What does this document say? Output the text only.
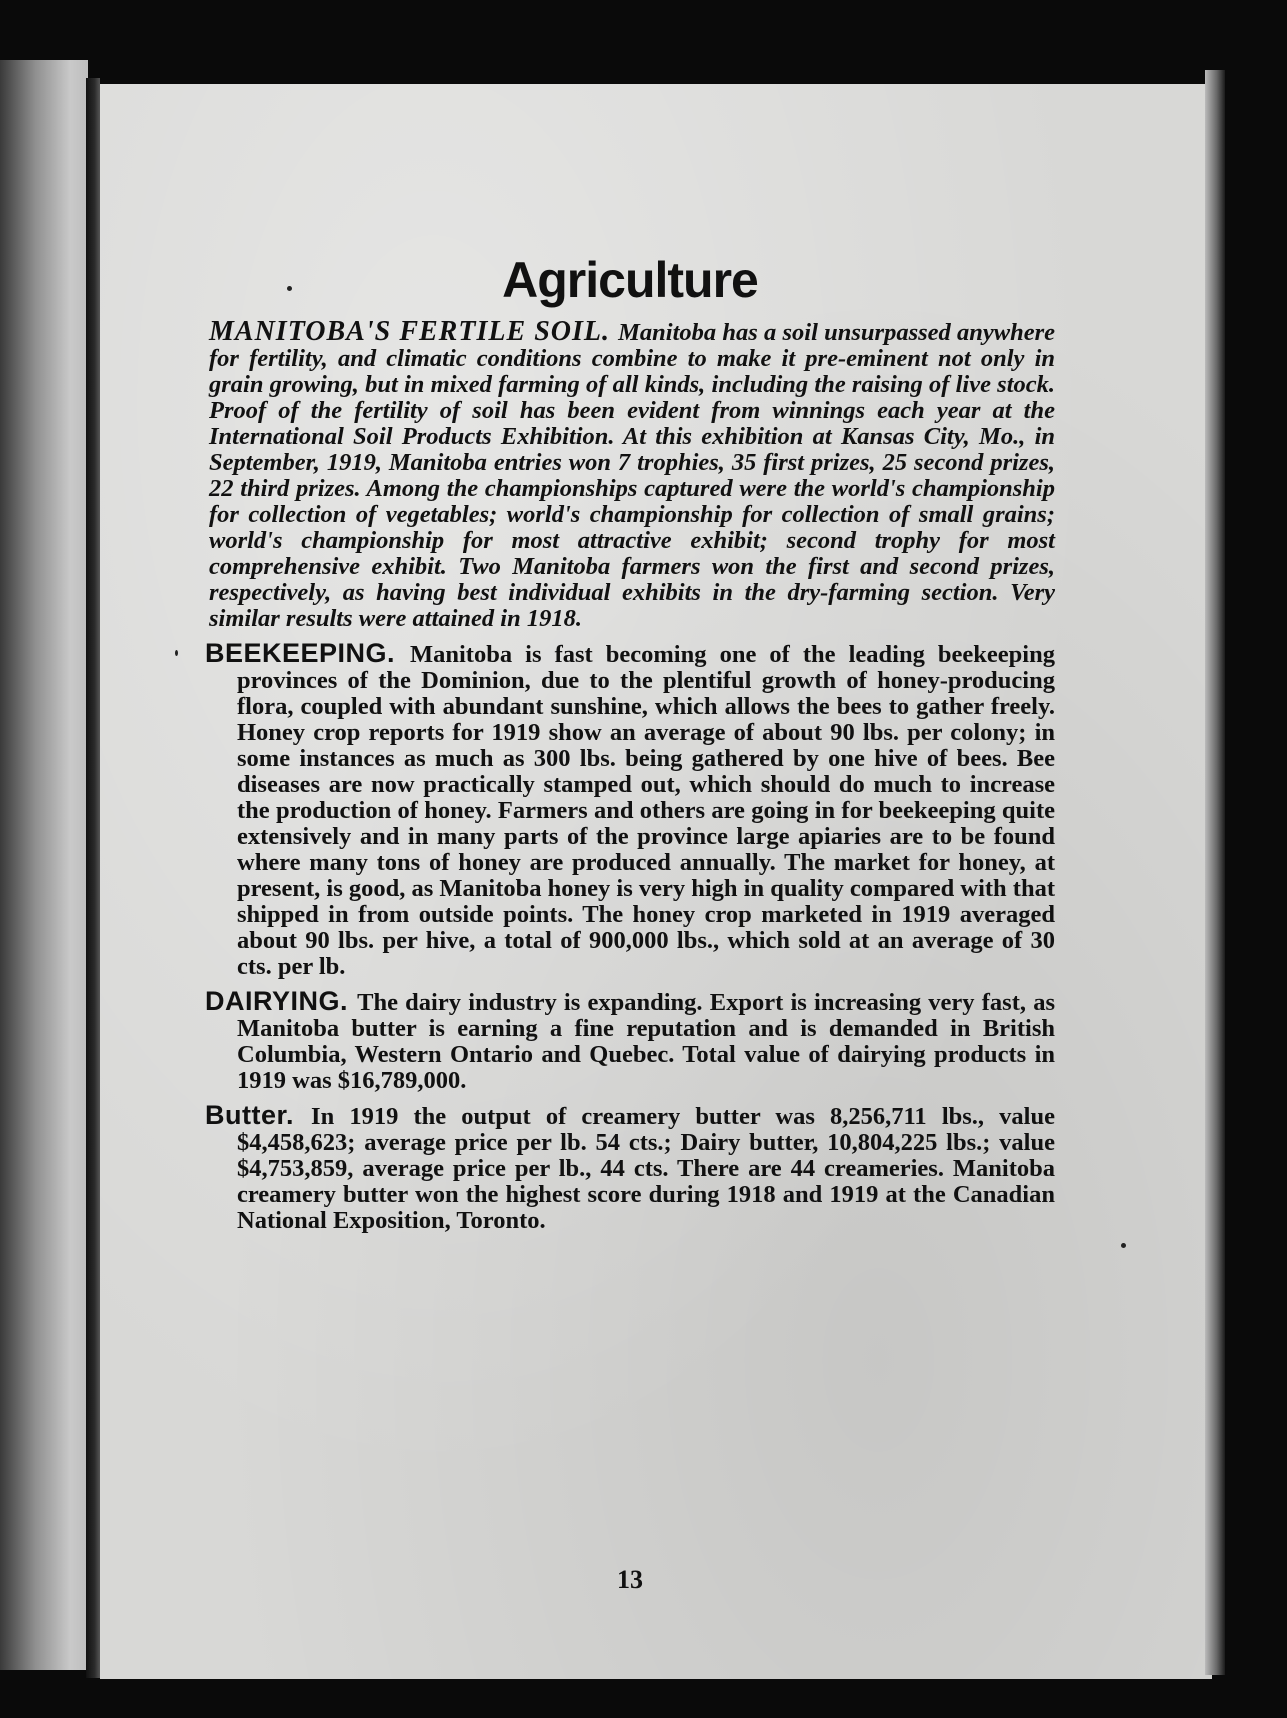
Agriculture

MANITOBA'S FERTILE SOIL. Manitoba has a soil unsurpassed anywhere for fertility, and climatic conditions combine to make it pre-eminent not only in grain growing, but in mixed farming of all kinds, including the raising of live stock. Proof of the fertility of soil has been evident from winnings each year at the International Soil Products Exhibition. At this exhibition at Kansas City, Mo., in September, 1919, Manitoba entries won 7 trophies, 35 first prizes, 25 second prizes, 22 third prizes. Among the championships captured were the world's championship for collection of vegetables; world's championship for collection of small grains; world's championship for most attractive exhibit; second trophy for most comprehensive exhibit. Two Manitoba farmers won the first and second prizes, respectively, as having best individual exhibits in the dry-farming section. Very similar results were attained in 1918.

BEEKEEPING. Manitoba is fast becoming one of the leading beekeeping provinces of the Dominion, due to the plentiful growth of honey-producing flora, coupled with abundant sunshine, which allows the bees to gather freely. Honey crop reports for 1919 show an average of about 90 lbs. per colony; in some instances as much as 300 lbs. being gathered by one hive of bees. Bee diseases are now practically stamped out, which should do much to increase the production of honey. Farmers and others are going in for beekeeping quite extensively and in many parts of the province large apiaries are to be found where many tons of honey are produced annually. The market for honey, at present, is good, as Manitoba honey is very high in quality compared with that shipped in from outside points. The honey crop marketed in 1919 averaged about 90 lbs. per hive, a total of 900,000 lbs., which sold at an average of 30 cts. per lb.

DAIRYING. The dairy industry is expanding. Export is increasing very fast, as Manitoba butter is earning a fine reputation and is demanded in British Columbia, Western Ontario and Quebec. Total value of dairying products in 1919 was $16,789,000.

Butter. In 1919 the output of creamery butter was 8,256,711 lbs., value $4,458,623; average price per lb. 54 cts.; Dairy butter, 10,804,225 lbs.; value $4,753,859, average price per lb., 44 cts. There are 44 creameries. Manitoba creamery butter won the highest score during 1918 and 1919 at the Canadian National Exposition, Toronto.

13
